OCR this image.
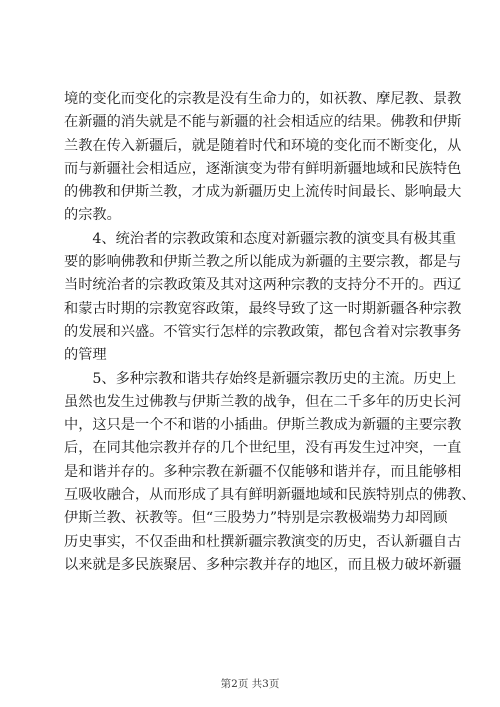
境的变化而变化的宗教是没有生命力的，如祆教、摩尼教、景教
在新疆的消失就是不能与新疆的社会相适应的结果。佛教和伊斯
兰教在传入新疆后，就是随着时代和环境的变化而不断变化，从
而与新疆社会相适应，逐渐演变为带有鲜明新疆地域和民族特色
的佛教和伊斯兰教，才成为新疆历史上流传时间最长、影响最大
的宗教。

　　4、统治者的宗教政策和态度对新疆宗教的演变具有极其重
要的影响佛教和伊斯兰教之所以能成为新疆的主要宗教，都是与
当时统治者的宗教政策及其对这两种宗教的支持分不开的。西辽
和蒙古时期的宗教宽容政策，最终导致了这一时期新疆各种宗教
的发展和兴盛。不管实行怎样的宗教政策，都包含着对宗教事务
的管理

　　5、多种宗教和谐共存始终是新疆宗教历史的主流。历史上
虽然也发生过佛教与伊斯兰教的战争，但在二千多年的历史长河
中，这只是一个不和谐的小插曲。伊斯兰教成为新疆的主要宗教
后，在同其他宗教并存的几个世纪里，没有再发生过冲突，一直
是和谐并存的。多种宗教在新疆不仅能够和谐并存，而且能够相
互吸收融合，从而形成了具有鲜明新疆地域和民族特别点的佛教、
伊斯兰教、祆教等。但“三股势力”特别是宗教极端势力却罔顾
历史事实，不仅歪曲和杜撰新疆宗教演变的历史，否认新疆自古
以来就是多民族聚居、多种宗教并存的地区，而且极力破坏新疆

第2页 共3页
